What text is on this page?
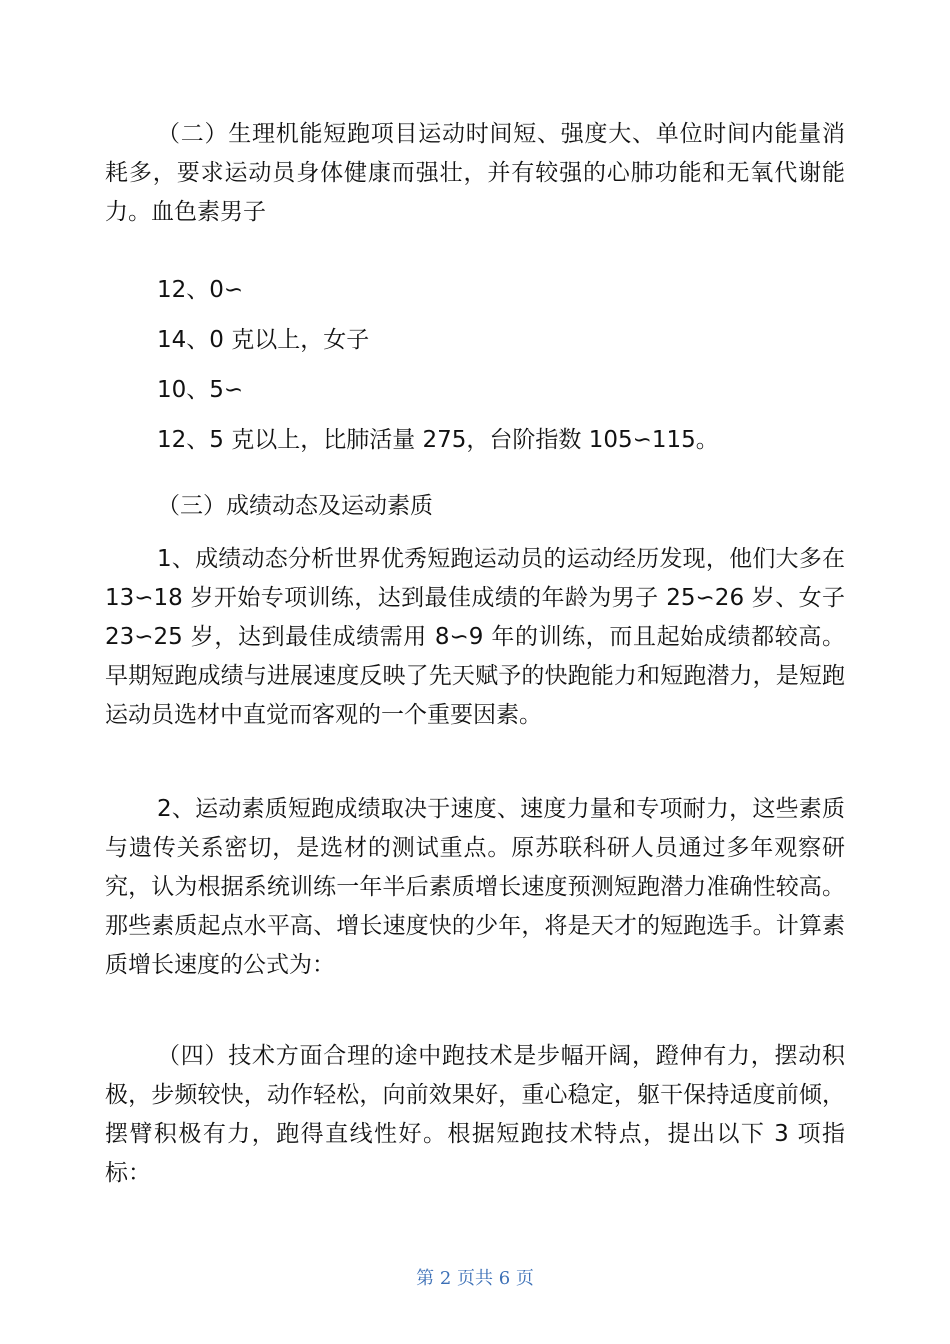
（二）生理机能短跑项目运动时间短、强度大、单位时间内能量消耗多，要求运动员身体健康而强壮，并有较强的心肺功能和无氧代谢能力。血色素男子

12、0∽

14、0 克以上，女子

10、5∽

12、5 克以上，比肺活量 275，台阶指数 105∽115。

（三）成绩动态及运动素质

1、成绩动态分析世界优秀短跑运动员的运动经历发现，他们大多在 13∽18 岁开始专项训练，达到最佳成绩的年龄为男子 25∽26 岁、女子 23∽25 岁，达到最佳成绩需用 8∽9 年的训练，而且起始成绩都较高。早期短跑成绩与进展速度反映了先天赋予的快跑能力和短跑潜力，是短跑运动员选材中直觉而客观的一个重要因素。

2、运动素质短跑成绩取决于速度、速度力量和专项耐力，这些素质与遗传关系密切，是选材的测试重点。原苏联科研人员通过多年观察研究，认为根据系统训练一年半后素质增长速度预测短跑潜力准确性较高。那些素质起点水平高、增长速度快的少年，将是天才的短跑选手。计算素质增长速度的公式为：

（四）技术方面合理的途中跑技术是步幅开阔，蹬伸有力，摆动积极，步频较快，动作轻松，向前效果好，重心稳定，躯干保持适度前倾，摆臂积极有力，跑得直线性好。根据短跑技术特点，提出以下 3 项指标：

第 2 页共 6 页
